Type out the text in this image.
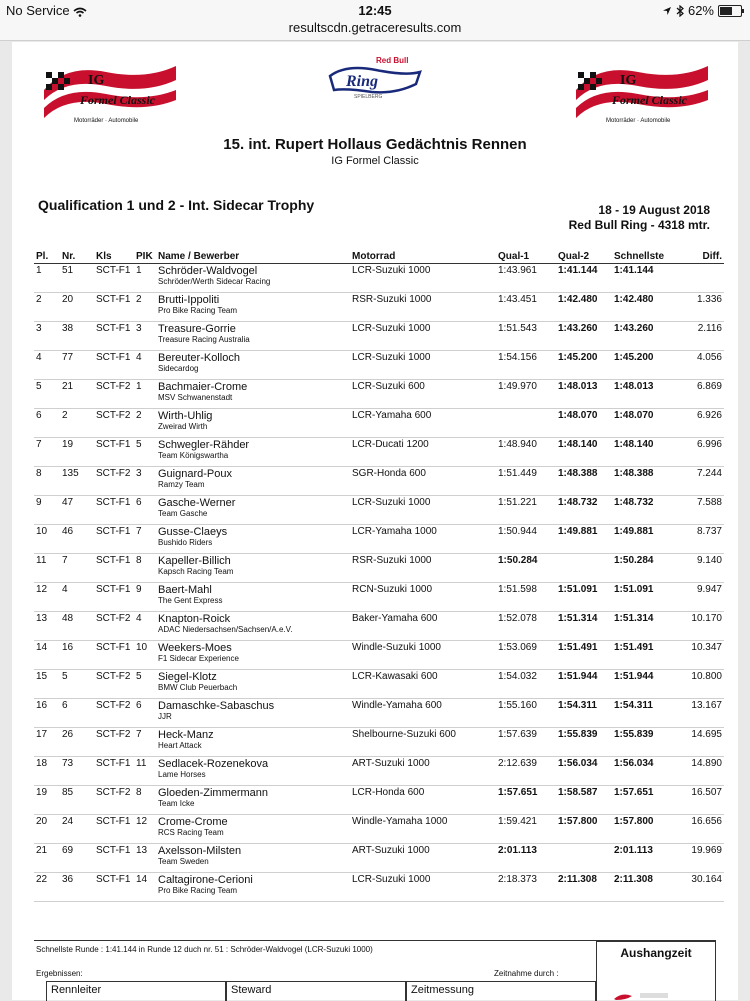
No Service	12:45	62%
resultscdn.getraceresults.com
IG
Formel Classic
Motorräder · Automobile
Red Bull
Ring
SPIELBERG
IG
Formel Classic
Motorräder · Automobile
15. int. Rupert Hollaus Gedächtnis Rennen
IG Formel Classic
Qualification 1 und 2 - Int. Sidecar Trophy	18 - 19 August 2018
Red Bull Ring - 4318 mtr.
Pl.	Nr.	Kls	PIK	Name / Bewerber	Motorrad	Qual-1	Qual-2	Schnellste	Diff.
1	51	SCT-F1	1	Schröder-Waldvogel
Schröder/Werth Sidecar Racing	LCR-Suzuki 1000	1:43.961	1:41.144	1:41.144	
2	20	SCT-F1	2	Brutti-Ippoliti
Pro Bike Racing Team	RSR-Suzuki 1000	1:43.451	1:42.480	1:42.480	1.336
3	38	SCT-F1	3	Treasure-Gorrie
Treasure Racing Australia	LCR-Suzuki 1000	1:51.543	1:43.260	1:43.260	2.116
4	77	SCT-F1	4	Bereuter-Kolloch
Sidecardog	LCR-Suzuki 1000	1:54.156	1:45.200	1:45.200	4.056
5	21	SCT-F2	1	Bachmaier-Crome
MSV Schwanenstadt	LCR-Suzuki 600	1:49.970	1:48.013	1:48.013	6.869
6	2	SCT-F2	2	Wirth-Uhlig
Zweirad Wirth	LCR-Yamaha 600		1:48.070	1:48.070	6.926
7	19	SCT-F1	5	Schwegler-Rähder
Team Königswartha	LCR-Ducati 1200	1:48.940	1:48.140	1:48.140	6.996
8	135	SCT-F2	3	Guignard-Poux
Ramzy Team	SGR-Honda 600	1:51.449	1:48.388	1:48.388	7.244
9	47	SCT-F1	6	Gasche-Werner
Team Gasche	LCR-Suzuki 1000	1:51.221	1:48.732	1:48.732	7.588
10	46	SCT-F1	7	Gusse-Claeys
Bushido Riders	LCR-Yamaha 1000	1:50.944	1:49.881	1:49.881	8.737
11	7	SCT-F1	8	Kapeller-Billich
Kapsch Racing Team	RSR-Suzuki 1000	1:50.284		1:50.284	9.140
12	4	SCT-F1	9	Baert-Mahl
The Gent Express	RCN-Suzuki 1000	1:51.598	1:51.091	1:51.091	9.947
13	48	SCT-F2	4	Knapton-Roick
ADAC Niedersachsen/Sachsen/A.e.V.	Baker-Yamaha 600	1:52.078	1:51.314	1:51.314	10.170
14	16	SCT-F1	10	Weekers-Moes
F1 Sidecar Experience	Windle-Suzuki 1000	1:53.069	1:51.491	1:51.491	10.347
15	5	SCT-F2	5	Siegel-Klotz
BMW Club Peuerbach	LCR-Kawasaki 600	1:54.032	1:51.944	1:51.944	10.800
16	6	SCT-F2	6	Damaschke-Sabaschus
JJR	Windle-Yamaha 600	1:55.160	1:54.311	1:54.311	13.167
17	26	SCT-F2	7	Heck-Manz
Heart Attack	Shelbourne-Suzuki 600	1:57.639	1:55.839	1:55.839	14.695
18	73	SCT-F1	11	Sedlacek-Rozenekova
Lame Horses	ART-Suzuki 1000	2:12.639	1:56.034	1:56.034	14.890
19	85	SCT-F2	8	Gloeden-Zimmermann
Team Icke	LCR-Honda 600	1:57.651	1:58.587	1:57.651	16.507
20	24	SCT-F1	12	Crome-Crome
RCS Racing Team	Windle-Yamaha 1000	1:59.421	1:57.800	1:57.800	16.656
21	69	SCT-F1	13	Axelsson-Milsten
Team Sweden	ART-Suzuki 1000	2:01.113		2:01.113	19.969
22	36	SCT-F1	14	Caltagirone-Cerioni
Pro Bike Racing Team	LCR-Suzuki 1000	2:18.373	2:11.308	2:11.308	30.164
Schnellste Runde : 1:41.144 in Runde 12 duch nr. 51 : Schröder-Waldvogel (LCR-Suzuki 1000)
Ergebnissen:	Zeitnahme durch :
Aushangzeit
Rennleiter	Steward	Zeitmessung
